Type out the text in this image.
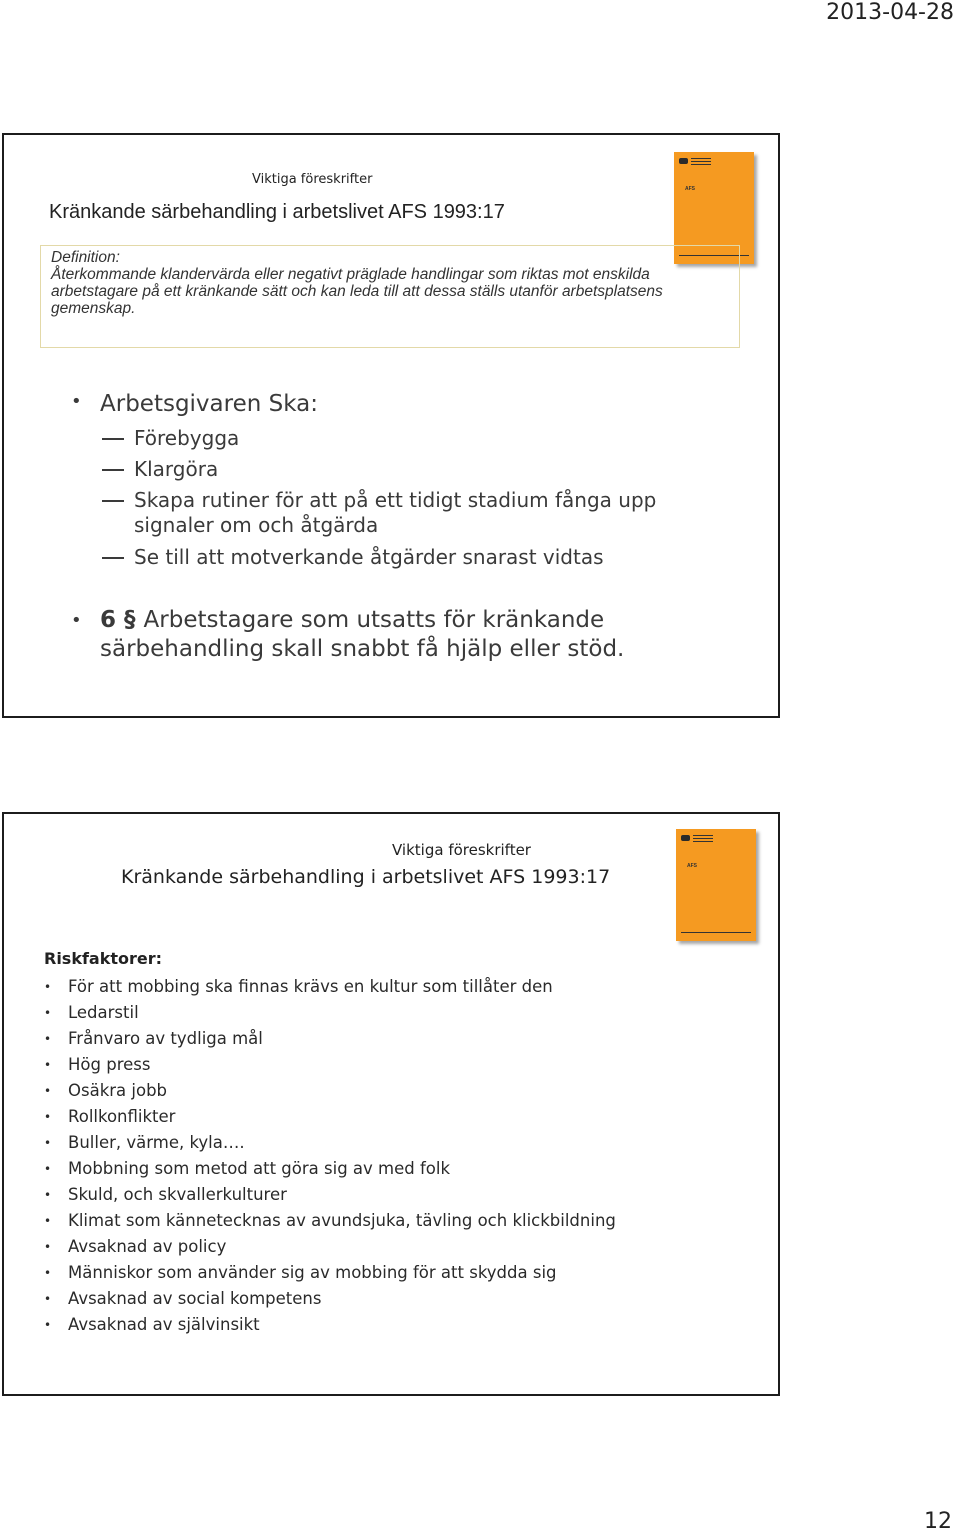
2013-04-28
Viktiga föreskrifter
Kränkande särbehandling i arbetslivet AFS 1993:17
AFS
Definition:
Återkommande klandervärda eller negativt präglade handlingar som riktas mot enskilda arbetstagare på ett kränkande sätt och kan leda till att dessa ställs utanför arbetsplatsens gemenskap.
• Arbetsgivaren Ska:
Förebygga
Klargöra
Skapa rutiner för att på ett tidigt stadium fånga upp signaler om och åtgärda
Se till att motverkande åtgärder snarast vidtas
• 6 § Arbetstagare som utsatts för kränkande särbehandling skall snabbt få hjälp eller stöd.
Viktiga föreskrifter
Kränkande särbehandling i arbetslivet AFS 1993:17	AFS
Riskfaktorer:
• För att mobbing ska finnas krävs en kultur som tillåter den
• Ledarstil
• Frånvaro av tydliga mål
• Hög press
• Osäkra jobb
• Rollkonflikter
• Buller, värme, kyla….
• Mobbning som metod att göra sig av med folk
• Skuld, och skvallerkulturer
• Klimat som kännetecknas av avundsjuka, tävling och klickbildning
• Avsaknad av policy
• Människor som använder sig av mobbing för att skydda sig
• Avsaknad av social kompetens
• Avsaknad av självinsikt
12
